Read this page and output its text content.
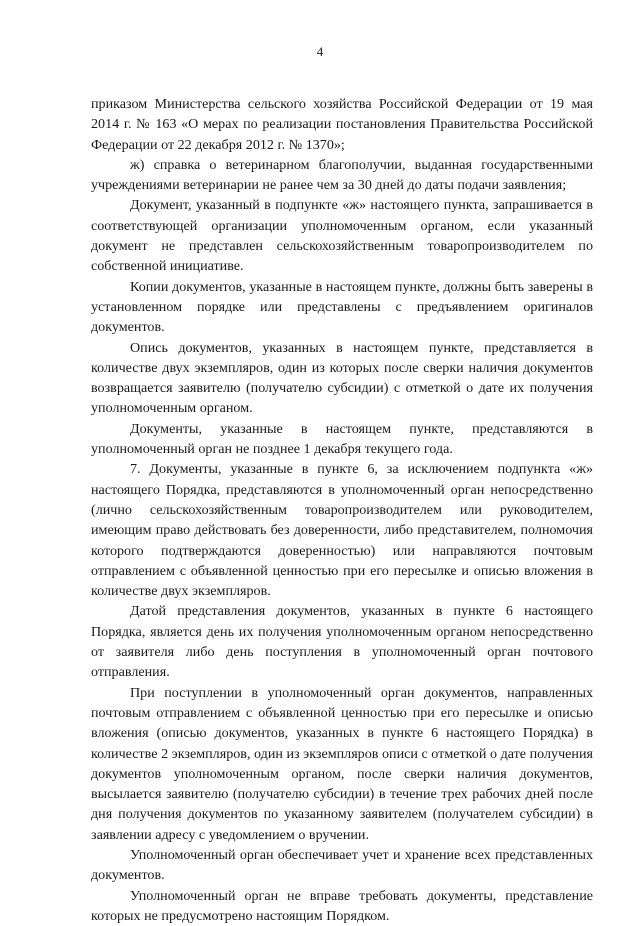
4

приказом Министерства сельского хозяйства Российской Федерации от 19 мая 2014 г. № 163 «О мерах по реализации постановления Правительства Российской Федерации от 22 декабря 2012 г. № 1370»;

ж) справка о ветеринарном благополучии, выданная государственными учреждениями ветеринарии не ранее чем за 30 дней до даты подачи заявления;

Документ, указанный в подпункте «ж» настоящего пункта, запрашивается в соответствующей организации уполномоченным органом, если указанный документ не представлен сельскохозяйственным товаропроизводителем по собственной инициативе.

Копии документов, указанные в настоящем пункте, должны быть заверены в установленном порядке или представлены с предъявлением оригиналов документов.

Опись документов, указанных в настоящем пункте, представляется в количестве двух экземпляров, один из которых после сверки наличия документов возвращается заявителю (получателю субсидии) с отметкой о дате их получения уполномоченным органом.

Документы, указанные в настоящем пункте, представляются в уполномоченный орган не позднее 1 декабря текущего года.

7. Документы, указанные в пункте 6, за исключением подпункта «ж» настоящего Порядка, представляются в уполномоченный орган непосредственно (лично сельскохозяйственным товаропроизводителем или руководителем, имеющим право действовать без доверенности, либо представителем, полномочия которого подтверждаются доверенностью) или направляются почтовым отправлением с объявленной ценностью при его пересылке и описью вложения в количестве двух экземпляров.

Датой представления документов, указанных в пункте 6 настоящего Порядка, является день их получения уполномоченным органом непосредственно от заявителя либо день поступления в уполномоченный орган почтового отправления.

При поступлении в уполномоченный орган документов, направленных почтовым отправлением с объявленной ценностью при его пересылке и описью вложения (описью документов, указанных в пункте 6 настоящего Порядка) в количестве 2 экземпляров, один из экземпляров описи с отметкой о дате получения документов уполномоченным органом, после сверки наличия документов, высылается заявителю (получателю субсидии) в течение трех рабочих дней после дня получения документов по указанному заявителем (получателем субсидии) в заявлении адресу с уведомлением о вручении.

Уполномоченный орган обеспечивает учет и хранение всех представленных документов.

Уполномоченный орган не вправе требовать документы, представление которых не предусмотрено настоящим Порядком.
